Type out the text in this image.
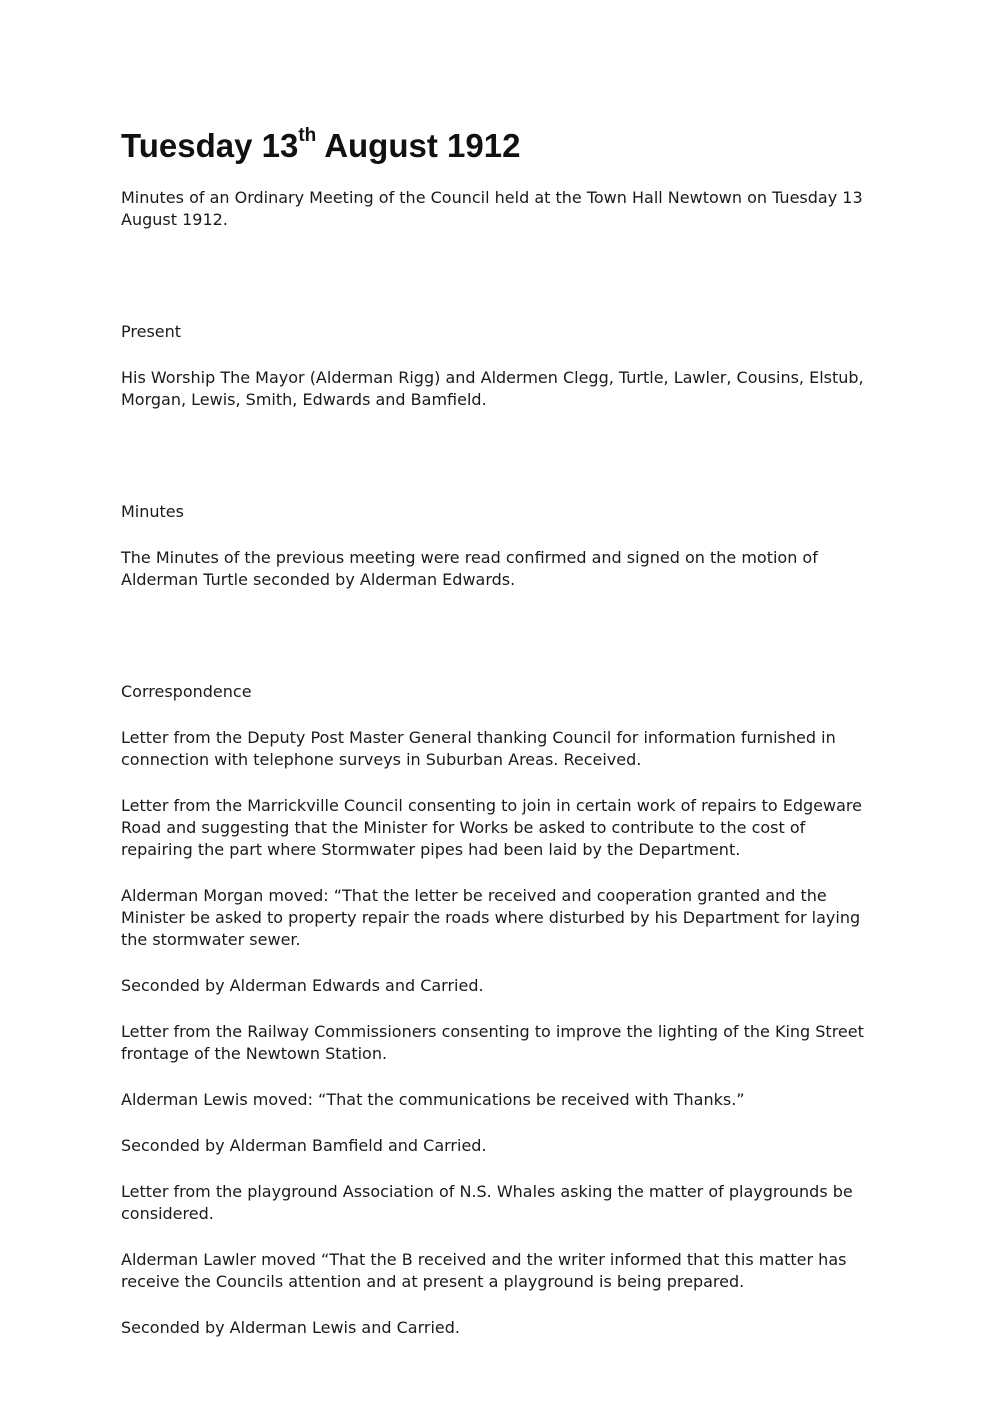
Tuesday 13th August 1912

Minutes of an Ordinary Meeting of the Council held at the Town Hall Newtown on Tuesday 13 August 1912.

Present

His Worship The Mayor (Alderman Rigg) and Aldermen Clegg, Turtle, Lawler, Cousins, Elstub, Morgan, Lewis, Smith, Edwards and Bamfield.

Minutes

The Minutes of the previous meeting were read confirmed and signed on the motion of Alderman Turtle seconded by Alderman Edwards.

Correspondence

Letter from the Deputy Post Master General thanking Council for information furnished in connection with telephone surveys in Suburban Areas. Received.

Letter from the Marrickville Council consenting to join in certain work of repairs to Edgeware Road and suggesting that the Minister for Works be asked to contribute to the cost of repairing the part where Stormwater pipes had been laid by the Department.

Alderman Morgan moved: “That the letter be received and cooperation granted and the Minister be asked to property repair the roads where disturbed by his Department for laying the stormwater sewer.

Seconded by Alderman Edwards and Carried.

Letter from the Railway Commissioners consenting to improve the lighting of the King Street frontage of the Newtown Station.

Alderman Lewis moved: “That the communications be received with Thanks.”

Seconded by Alderman Bamfield and Carried.

Letter from the playground Association of N.S. Whales asking the matter of playgrounds be considered.

Alderman Lawler moved “That the B received and the writer informed that this matter has receive the Councils attention and at present a playground is being prepared.

Seconded by Alderman Lewis and Carried.
